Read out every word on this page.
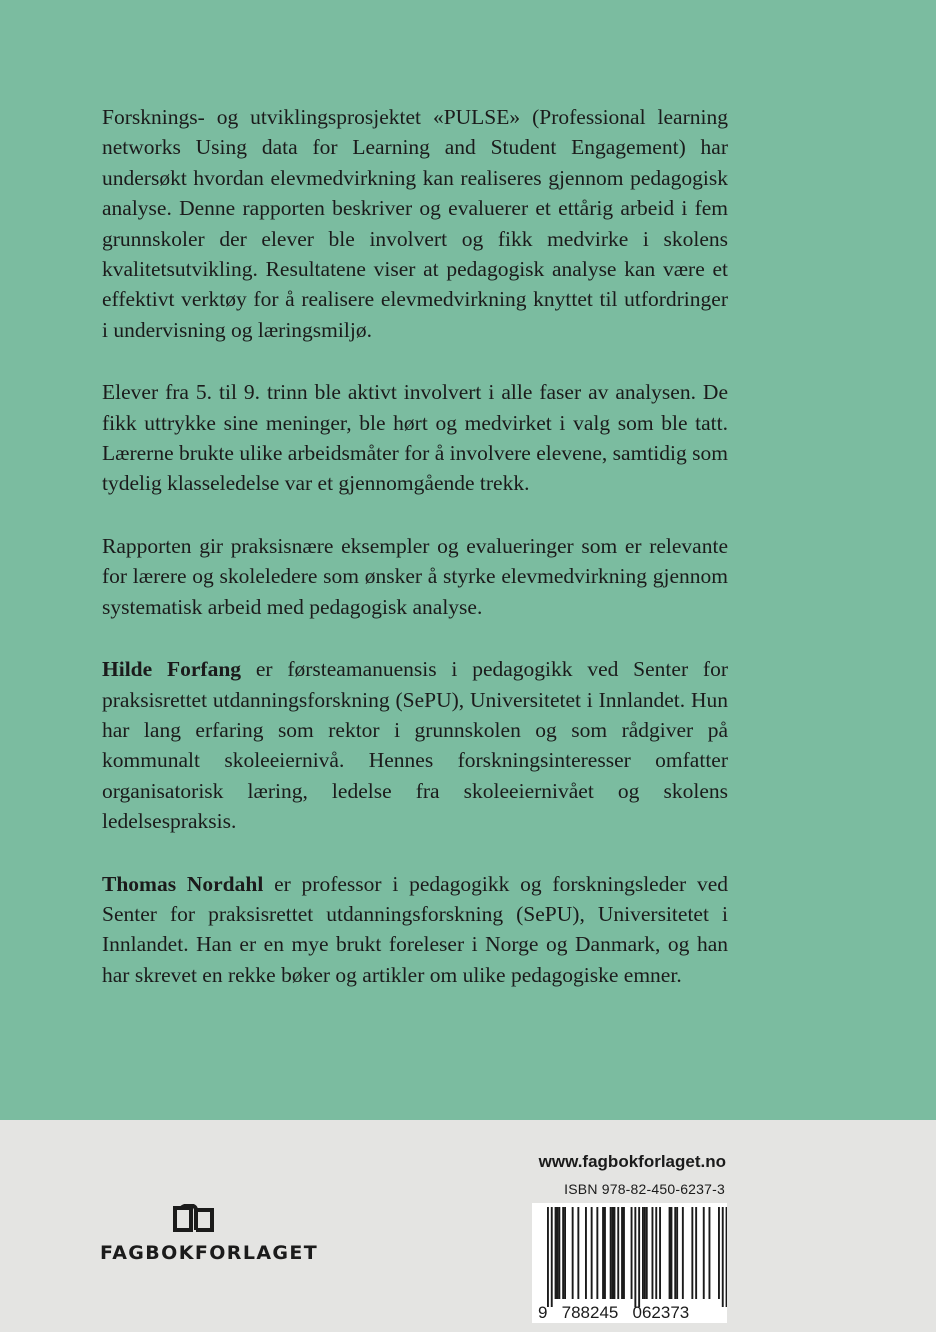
Forsknings- og utviklingsprosjektet «PULSE» (Professional learning networks Using data for Learning and Student Engagement) har undersøkt hvordan elevmedvirkning kan realiseres gjennom pedagogisk analyse. Denne rapporten beskriver og evaluerer et ettårig arbeid i fem grunnskoler der elever ble involvert og fikk medvirke i skolens kvalitetsutvikling. Resultatene viser at pedagogisk analyse kan være et effektivt verktøy for å realisere elevmedvirkning knyttet til utfordringer i undervisning og læringsmiljø.

Elever fra 5. til 9. trinn ble aktivt involvert i alle faser av analysen. De fikk uttrykke sine meninger, ble hørt og medvirket i valg som ble tatt. Lærerne brukte ulike arbeidsmåter for å involvere elevene, samtidig som tydelig klasseledelse var et gjennomgående trekk.

Rapporten gir praksisnære eksempler og evalueringer som er relevante for lærere og skoleledere som ønsker å styrke elevmedvirkning gjennom systematisk arbeid med pedagogisk analyse.

Hilde Forfang er førsteamanuensis i pedagogikk ved Senter for praksisrettet utdanningsforskning (SePU), Universitetet i Innlandet. Hun har lang erfaring som rektor i grunnskolen og som rådgiver på kommunalt skoleeiernivå. Hennes forskningsinteresser omfatter organisatorisk læring, ledelse fra skoleeiernivået og skolens ledelsespraksis.

Thomas Nordahl er professor i pedagogikk og forskningsleder ved Senter for praksisrettet utdanningsforskning (SePU), Universitetet i Innlandet. Han er en mye brukt foreleser i Norge og Danmark, og han har skrevet en rekke bøker og artikler om ulike pedagogiske emner.

FAGBOKFORLAGET
www.fagbokforlaget.no
ISBN 978-82-450-6237-3
9   788245   062373
